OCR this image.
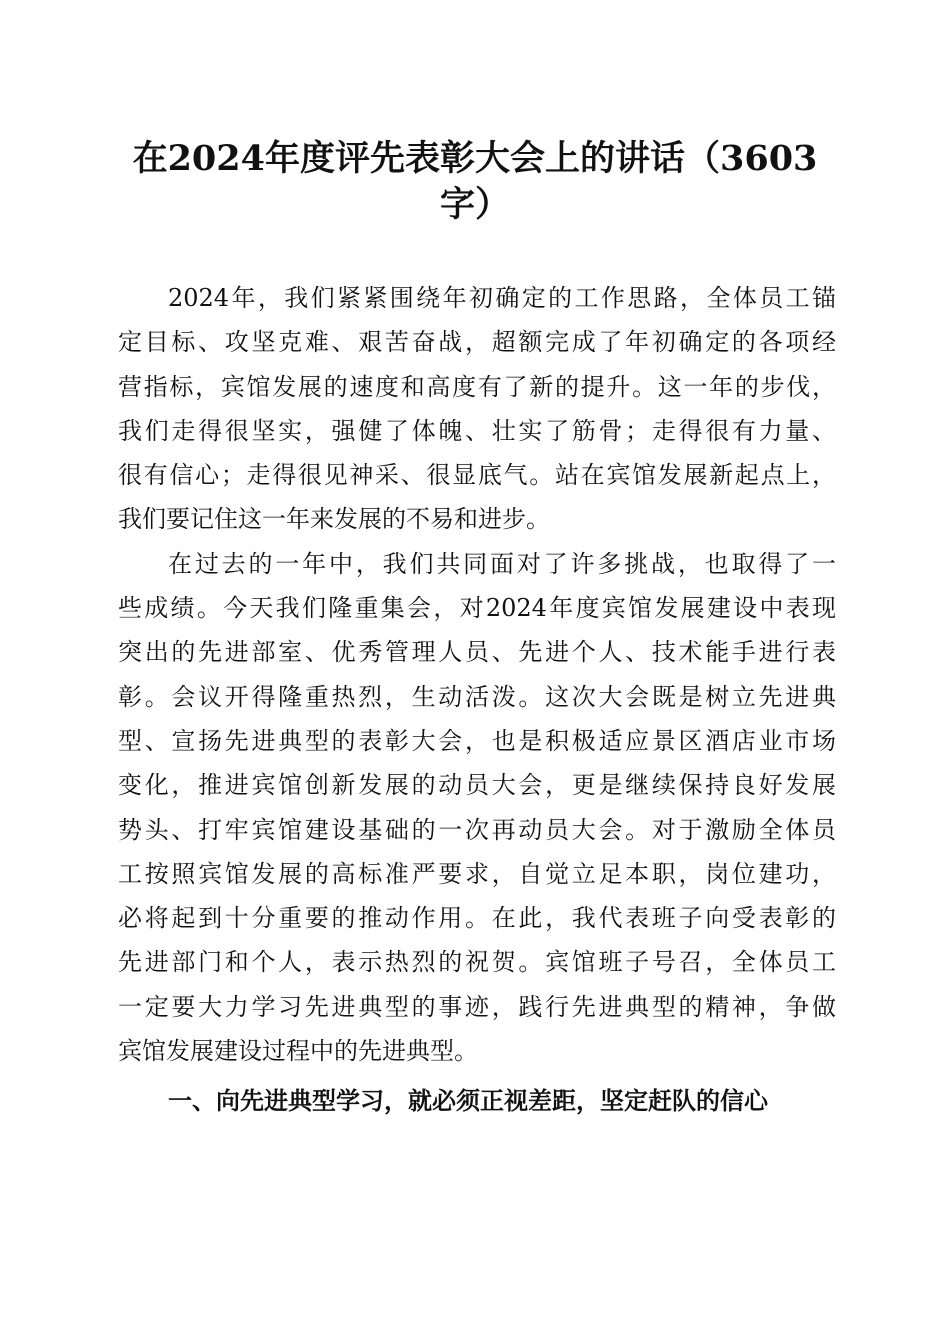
在2024年度评先表彰大会上的讲话（3603
字）
2024年，我们紧紧围绕年初确定的工作思路，全体员工锚
定目标、攻坚克难、艰苦奋战，超额完成了年初确定的各项经
营指标，宾馆发展的速度和高度有了新的提升。这一年的步伐，
我们走得很坚实，强健了体魄、壮实了筋骨；走得很有力量、
很有信心；走得很见神采、很显底气。站在宾馆发展新起点上，
我们要记住这一年来发展的不易和进步。
在过去的一年中，我们共同面对了许多挑战，也取得了一
些成绩。今天我们隆重集会，对2024年度宾馆发展建设中表现
突出的先进部室、优秀管理人员、先进个人、技术能手进行表
彰。会议开得隆重热烈，生动活泼。这次大会既是树立先进典
型、宣扬先进典型的表彰大会，也是积极适应景区酒店业市场
变化，推进宾馆创新发展的动员大会，更是继续保持良好发展
势头、打牢宾馆建设基础的一次再动员大会。对于激励全体员
工按照宾馆发展的高标准严要求，自觉立足本职，岗位建功，
必将起到十分重要的推动作用。在此，我代表班子向受表彰的
先进部门和个人，表示热烈的祝贺。宾馆班子号召，全体员工
一定要大力学习先进典型的事迹，践行先进典型的精神，争做
宾馆发展建设过程中的先进典型。
一、向先进典型学习，就必须正视差距，坚定赶队的信心
